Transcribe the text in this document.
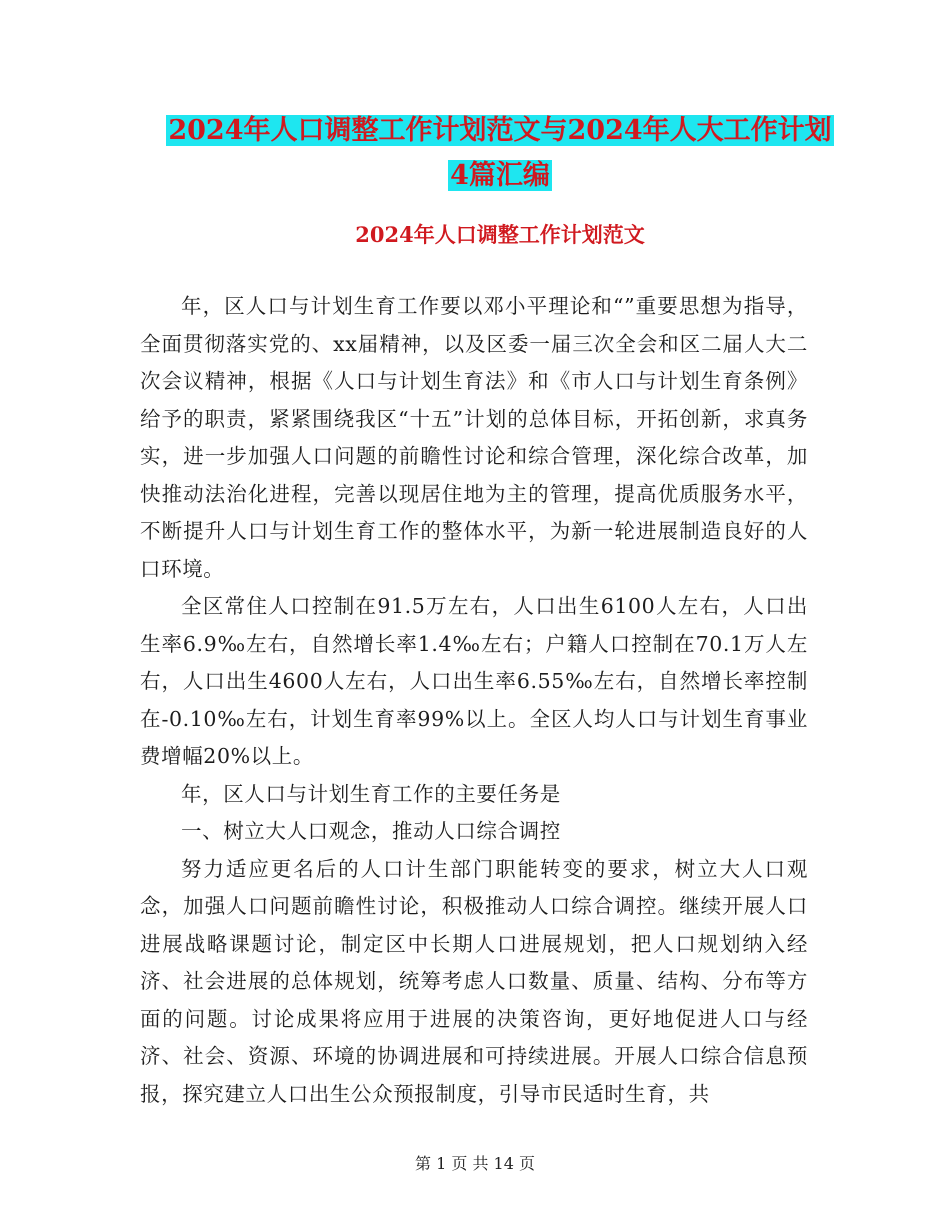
2024年人口调整工作计划范文与2024年人大工作计划
4篇汇编
2024年人口调整工作计划范文

年，区人口与计划生育工作要以邓小平理论和“”重要思想为指导，全面贯彻落实党的、xx届精神，以及区委一届三次全会和区二届人大二次会议精神，根据《人口与计划生育法》和《市人口与计划生育条例》给予的职责，紧紧围绕我区“十五”计划的总体目标，开拓创新，求真务实，进一步加强人口问题的前瞻性讨论和综合管理，深化综合改革，加快推动法治化进程，完善以现居住地为主的管理，提高优质服务水平，不断提升人口与计划生育工作的整体水平，为新一轮进展制造良好的人口环境。

全区常住人口控制在91.5万左右，人口出生6100人左右，人口出生率6.9‰左右，自然增长率1.4‰左右；户籍人口控制在70.1万人左右，人口出生4600人左右，人口出生率6.55‰左右，自然增长率控制在-0.10‰左右，计划生育率99%以上。全区人均人口与计划生育事业费增幅20%以上。

年，区人口与计划生育工作的主要任务是

一、树立大人口观念，推动人口综合调控

努力适应更名后的人口计生部门职能转变的要求，树立大人口观念，加强人口问题前瞻性讨论，积极推动人口综合调控。继续开展人口进展战略课题讨论，制定区中长期人口进展规划，把人口规划纳入经济、社会进展的总体规划，统筹考虑人口数量、质量、结构、分布等方面的问题。讨论成果将应用于进展的决策咨询，更好地促进人口与经济、社会、资源、环境的协调进展和可持续进展。开展人口综合信息预报，探究建立人口出生公众预报制度，引导市民适时生育，共

第 1 页 共 14 页
